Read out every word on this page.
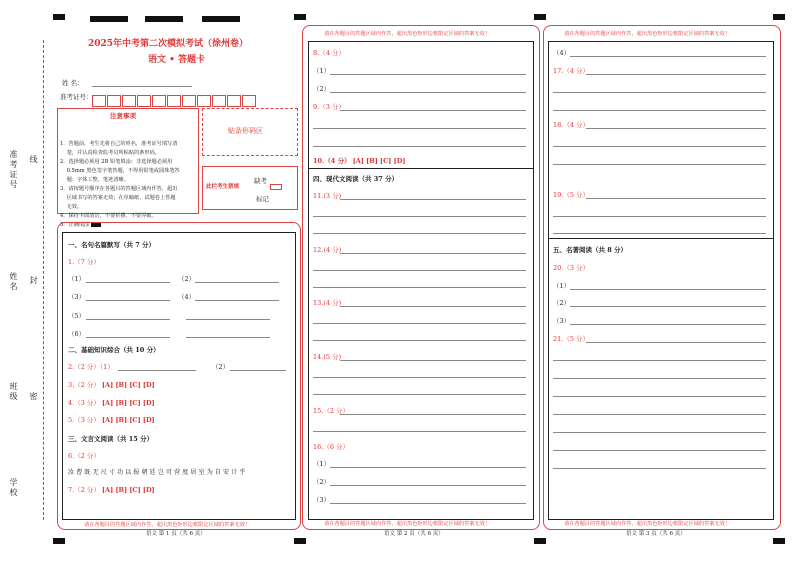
准考证号 线
姓名 封
班级 密
学校
2025年中考第二次模拟考试（徐州卷）
语文 • 答题卡
姓 名：
准考证号：
注意事项

1．答题前，考生先将自己的姓名，准考证号填写清
楚，并认真检查监考员所粘贴的条形码。
2．选择题必须用 2B 铅笔填涂；非选择题必须用
0.5mm 黑色签字笔答题，不得用铅笔或圆珠笔答
题；字体工整、笔迹清晰。
3．请按题号顺序在各题目的答题区域内作答，超出
区域书写的答案无效；在草稿纸、试题卷上答题
无效。
4．保持卡面清洁，不要折叠、不要弄破。
5．正确填涂

贴条形码区
此栏考生禁填
缺考
标记
请在各题目的答题区域内作答，超出黑色矩形边框限定区域的答案无效！
语文 第 1 页（共 6 页）
一、名句名篇默写（共 7 分）
1.（7 分）
（1）	（2）
（3）	（4）
（5）
（6）
二、基础知识综合（共 10 分）
2.（2 分）（1）	（2）
3.（2 分） [A] [B] [C] [D]
4.（3 分） [A] [B] [C] [D]
5.（3 分） [A] [B] [C] [D]
三、文言文阅读（共 15 分）
6.（2 分）
汝 曹 既 无 尺 寸 功 以 报 朝 廷 岂 可 营 度 居 室 为 自 安 计 乎
7.（2 分） [A] [B] [C] [D]
请在各题目的答题区域内作答，超出黑色矩形边框限定区域的答案无效！
请在各题目的答题区域内作答，超出黑色矩形边框限定区域的答案无效！
语文 第 2 页（共 6 页）
8.（4 分）
（1）
（2）
9.（3 分）
10.（4 分） [A] [B] [C] [D]
四、现代文阅读（共 37 分）
11.(3 分)
12.(4 分)
13.(4 分)
14.(5 分)
15.（2 分）
16.（6 分）
（1）
（2）
（3）
请在各题目的答题区域内作答，超出黑色矩形边框限定区域的答案无效！
请在各题目的答题区域内作答，超出黑色矩形边框限定区域的答案无效！
语文 第 3 页（共 6 页）
（4）
17.（4 分）
18.（4 分）
19.（5 分）
五、名著阅读（共 8 分）
20.（3 分）
（1）
（2）
（3）
21.（5 分）
